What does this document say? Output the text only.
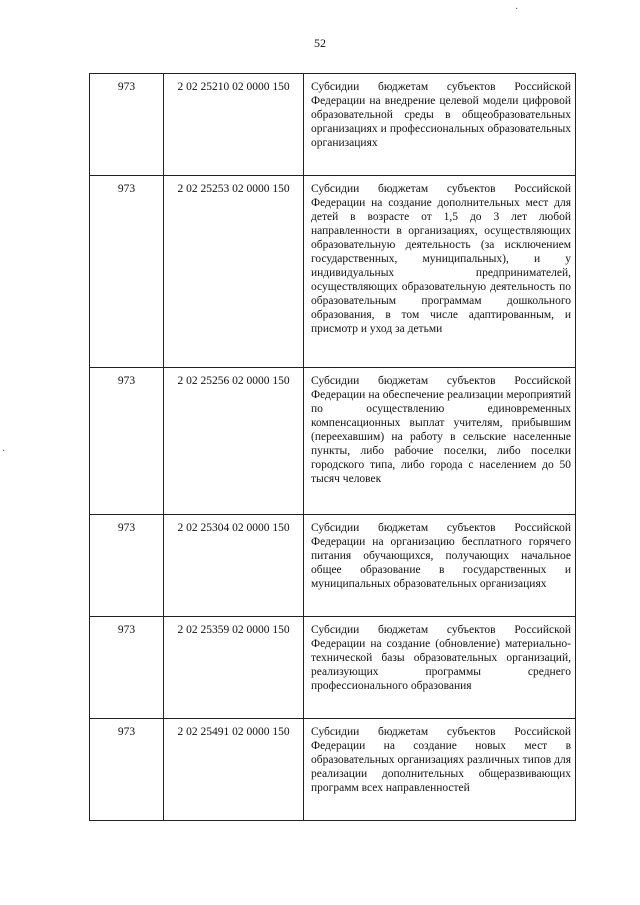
52
·
·
973	2 02 25210 02 0000 150	Субсидии бюджетам субъектов Российской Федерации на внедрение целевой модели цифровой образовательной среды в общеобразовательных организациях и профессиональных образовательных организациях
973	2 02 25253 02 0000 150	Субсидии бюджетам субъектов Российской Федерации на создание дополнительных мест для детей в возрасте от 1,5 до 3 лет любой направленности в организациях, осуществляющих образовательную деятельность (за исключением государственных, муниципальных), и у индивидуальных предпринимателей, осуществляющих образовательную деятельность по образовательным программам дошкольного образования, в том числе адаптированным, и присмотр и уход за детьми
973	2 02 25256 02 0000 150	Субсидии бюджетам субъектов Российской Федерации на обеспечение реализации мероприятий по осуществлению единовременных компенсационных выплат учителям, прибывшим (переехавшим) на работу в сельские населенные пункты, либо рабочие поселки, либо поселки городского типа, либо города с населением до 50 тысяч человек
973	2 02 25304 02 0000 150	Субсидии бюджетам субъектов Российской Федерации на организацию бесплатного горячего питания обучающихся, получающих начальное общее образование в государственных и муниципальных образовательных организациях
973	2 02 25359 02 0000 150	Субсидии бюджетам субъектов Российской Федерации на создание (обновление) материально-технической базы образовательных организаций, реализующих программы среднего профессионального образования
973	2 02 25491 02 0000 150	Субсидии бюджетам субъектов Российской Федерации на создание новых мест в образовательных организациях различных типов для реализации дополнительных общеразвивающих программ всех направленностей
